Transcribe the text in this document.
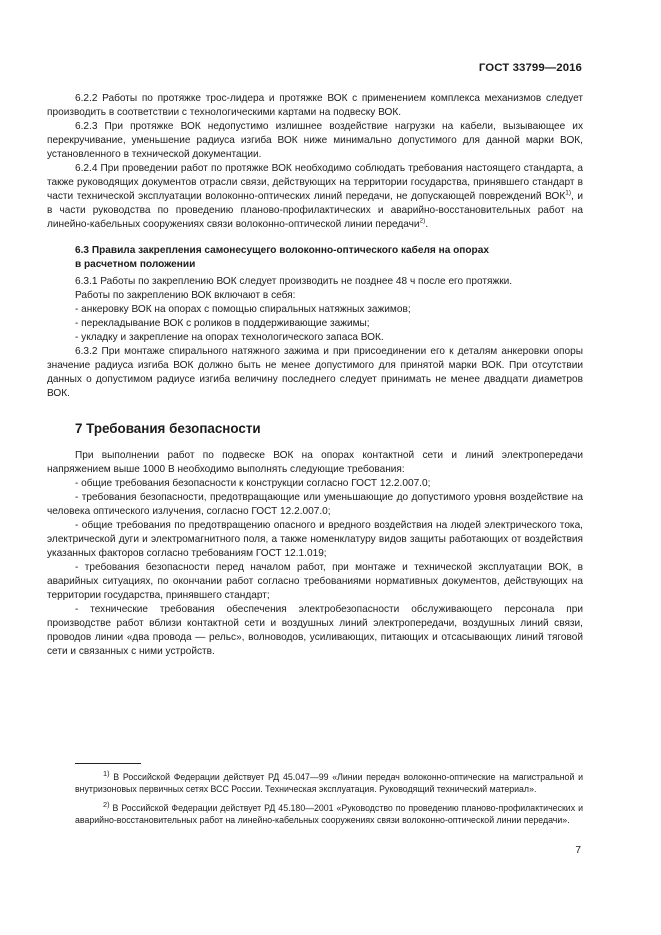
ГОСТ 33799—2016

6.2.2 Работы по протяжке трос-лидера и протяжке ВОК с применением комплекса механизмов следует производить в соответствии с технологическими картами на подвеску ВОК.

6.2.3 При протяжке ВОК недопустимо излишнее воздействие нагрузки на кабели, вызывающее их перекручивание, уменьшение радиуса изгиба ВОК ниже минимально допустимого для данной марки ВОК, установленного в технической документации.

6.2.4 При проведении работ по протяжке ВОК необходимо соблюдать требования настоящего стандарта, а также руководящих документов отрасли связи, действующих на территории государства, принявшего стандарт в части технической эксплуатации волоконно-оптических линий передачи, не допускающей повреждений ВОК$^{1)}$, и в части руководства по проведению планово-профилактических и аварийно-восстановительных работ на линейно-кабельных сооружениях связи волоконно-оптической линии передачи$^{2)}$.

6.3 Правила закрепления самонесущего волоконно-оптического кабеля на опорах
в расчетном положении

6.3.1 Работы по закреплению ВОК следует производить не позднее 48 ч после его протяжки.

Работы по закреплению ВОК включают в себя:

- анкеровку ВОК на опорах с помощью спиральных натяжных зажимов;

- перекладывание ВОК с роликов в поддерживающие зажимы;

- укладку и закрепление на опорах технологического запаса ВОК.

6.3.2 При монтаже спирального натяжного зажима и при присоединении его к деталям анкеровки опоры значение радиуса изгиба ВОК должно быть не менее допустимого для принятой марки ВОК. При отсутствии данных о допустимом радиусе изгиба величину последнего следует принимать не менее двадцати диаметров ВОК.

7 Требования безопасности

При выполнении работ по подвеске ВОК на опорах контактной сети и линий электропередачи напряжением выше 1000 В необходимо выполнять следующие требования:

- общие требования безопасности к конструкции согласно ГОСТ 12.2.007.0;

- требования безопасности, предотвращающие или уменьшающие до допустимого уровня воздействие на человека оптического излучения, согласно ГОСТ 12.2.007.0;

- общие требования по предотвращению опасного и вредного воздействия на людей электрического тока, электрической дуги и электромагнитного поля, а также номенклатуру видов защиты работающих от воздействия указанных факторов согласно требованиям ГОСТ 12.1.019;

- требования безопасности перед началом работ, при монтаже и технической эксплуатации ВОК, в аварийных ситуациях, по окончании работ согласно требованиями нормативных документов, действующих на территории государства, принявшего стандарт;

- технические требования обеспечения электробезопасности обслуживающего персонала при производстве работ вблизи контактной сети и воздушных линий электропередачи, воздушных линий связи, проводов линии «два провода — рельс», волноводов, усиливающих, питающих и отсасывающих линий тяговой сети и связанных с ними устройств.

$^{1)}$ В Российской Федерации действует РД 45.047—99 «Линии передач волоконно-оптические на магистральной и внутризоновых первичных сетях ВСС России. Техническая эксплуатация. Руководящий технический материал».

$^{2)}$ В Российской Федерации действует РД 45.180—2001 «Руководство по проведению планово-профилактических и аварийно-восстановительных работ на линейно-кабельных сооружениях связи волоконно-оптической линии передачи».

7
